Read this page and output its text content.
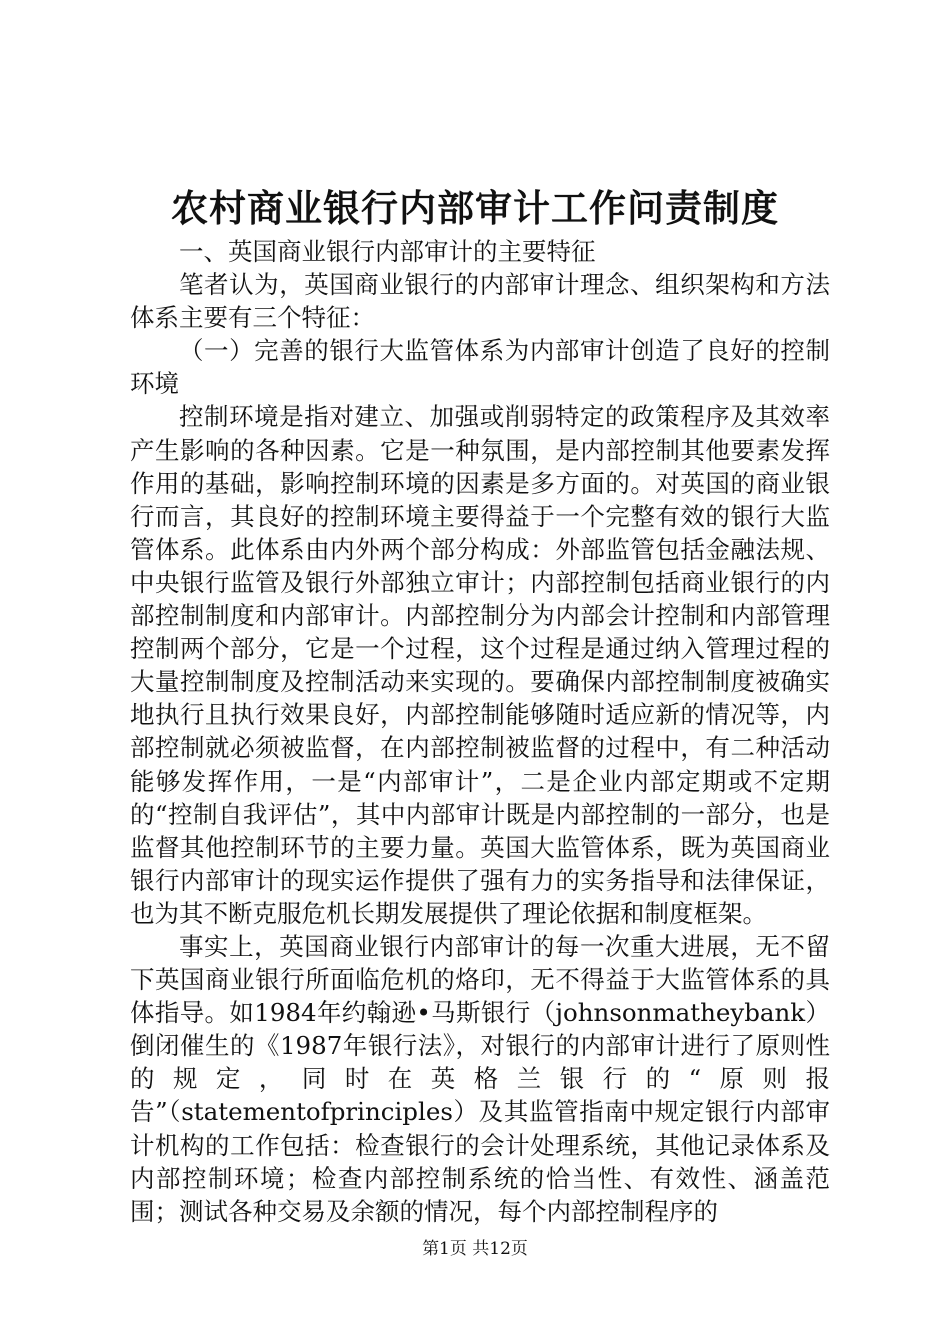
农村商业银行内部审计工作问责制度

一、英国商业银行内部审计的主要特征

笔者认为，英国商业银行的内部审计理念、组织架构和方法体系主要有三个特征：

（一）完善的银行大监管体系为内部审计创造了良好的控制环境

控制环境是指对建立、加强或削弱特定的政策程序及其效率产生影响的各种因素。它是一种氛围，是内部控制其他要素发挥作用的基础，影响控制环境的因素是多方面的。对英国的商业银行而言，其良好的控制环境主要得益于一个完整有效的银行大监管体系。此体系由内外两个部分构成：外部监管包括金融法规、中央银行监管及银行外部独立审计；内部控制包括商业银行的内部控制制度和内部审计。内部控制分为内部会计控制和内部管理控制两个部分，它是一个过程，这个过程是通过纳入管理过程的大量控制制度及控制活动来实现的。要确保内部控制制度被确实地执行且执行效果良好，内部控制能够随时适应新的情况等，内部控制就必须被监督，在内部控制被监督的过程中，有二种活动能够发挥作用，一是“内部审计”，二是企业内部定期或不定期的“控制自我评估”，其中内部审计既是内部控制的一部分，也是监督其他控制环节的主要力量。英国大监管体系，既为英国商业银行内部审计的现实运作提供了强有力的实务指导和法律保证，也为其不断克服危机长期发展提供了理论依据和制度框架。

事实上，英国商业银行内部审计的每一次重大进展，无不留下英国商业银行所面临危机的烙印，无不得益于大监管体系的具体指导。如1984年约翰逊•马斯银行（johnsonmatheybank）倒闭催生的《1987年银行法》，对银行的内部审计进行了原则性的规定，同时在英格兰银行的“原则报告”（statementofprinciples）及其监管指南中规定银行内部审计机构的工作包括：检查银行的会计处理系统，其他记录体系及内部控制环境；检查内部控制系统的恰当性、有效性、涵盖范围；测试各种交易及余额的情况，每个内部控制程序的

第1页 共12页
